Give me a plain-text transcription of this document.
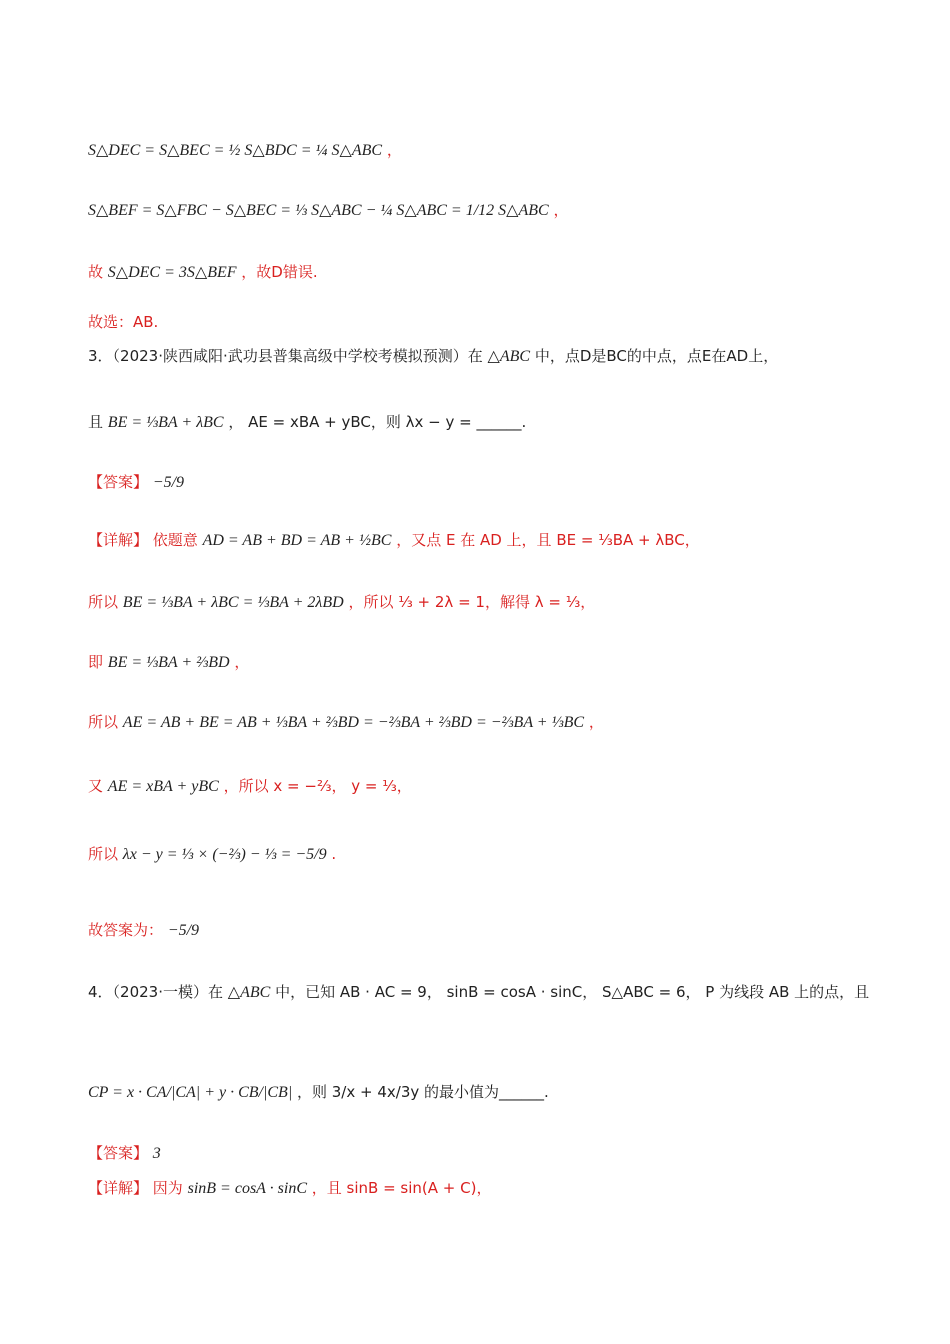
S△DEC = S△BEC = ½ S△BDC = ¼ S△ABC ，
S△BEF = S△FBC − S△BEC = ⅓ S△ABC − ¼ S△ABC = 1/12 S△ABC ，
故 S△DEC = 3S△BEF ，故D错误.
故选：AB.
3．（2023·陕西咸阳·武功县普集高级中学校考模拟预测）在 △ABC 中，点D是BC的中点，点E在AD上，
且 BE = ⅓BA + λBC ， AE = xBA + yBC，则 λx − y = ______.
【答案】 −5/9
【详解】 依题意 AD = AB + BD = AB + ½BC ，又点 E 在 AD 上，且 BE = ⅓BA + λBC，
所以 BE = ⅓BA + λBC = ⅓BA + 2λBD ，所以 ⅓ + 2λ = 1，解得 λ = ⅓，
即 BE = ⅓BA + ⅔BD ，
所以 AE = AB + BE = AB + ⅓BA + ⅔BD = −⅔BA + ⅔BD = −⅔BA + ⅓BC ，
又 AE = xBA + yBC ，所以 x = −⅔， y = ⅓，
所以 λx − y = ⅓ × (−⅔) − ⅓ = −5/9 .
故答案为： −5/9
4．（2023·一模）在 △ABC 中，已知 AB · AC = 9， sinB = cosA · sinC， S△ABC = 6， P 为线段 AB 上的点，且
CP = x · CA/|CA| + y · CB/|CB| ，则 3/x + 4x/3y 的最小值为______.
【答案】 3
【详解】 因为 sinB = cosA · sinC ，且 sinB = sin(A + C)，
